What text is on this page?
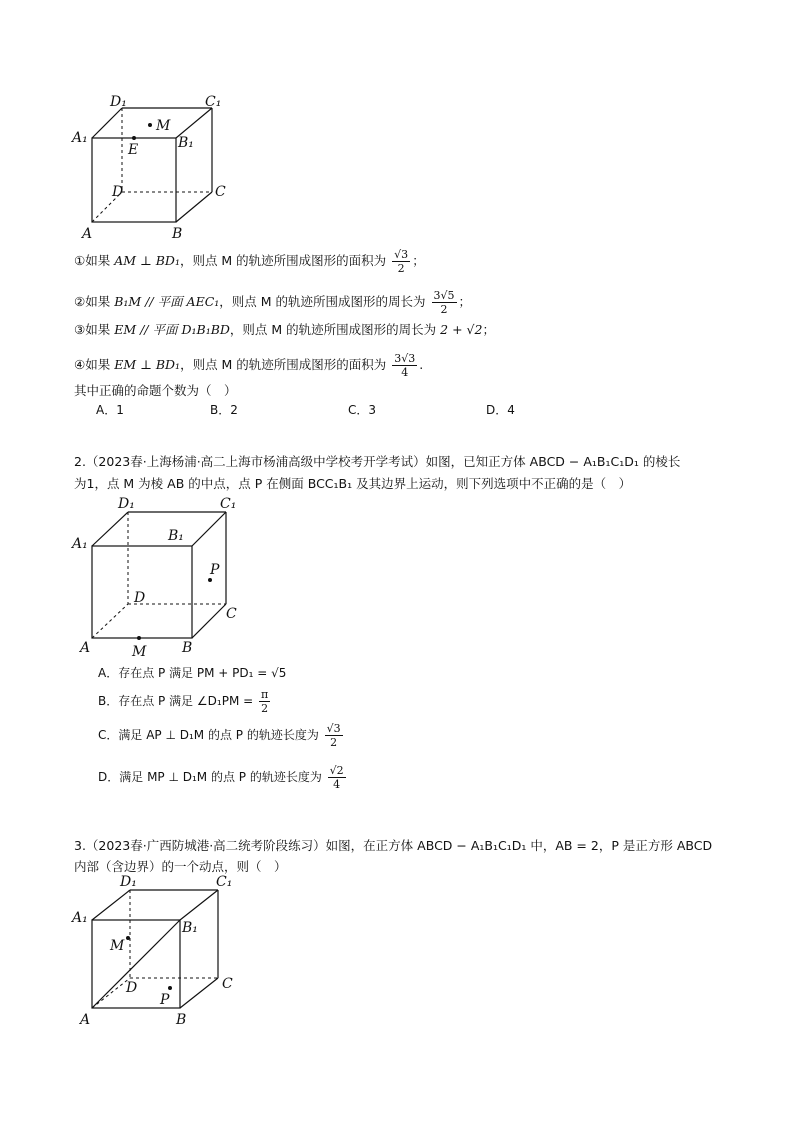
D₁	C₁
A₁	B₁
E
M
D	C
A	B
①如果 AM ⊥ BD₁，则点 M 的轨迹所围成图形的面积为 $\frac{√3}{2}$ ；
②如果 B₁M // 平面 AEC₁，则点 M 的轨迹所围成图形的周长为 $\frac{3√5}{2}$ ；
③如果 EM // 平面 D₁B₁BD，则点 M 的轨迹所围成图形的周长为 2 + √2；
④如果 EM ⊥ BD₁，则点 M 的轨迹所围成图形的面积为 $\frac{3√3}{4}$ .
其中正确的命题个数为（　）
A．1	B．2	C．3	D．4
2.（2023春·上海杨浦·高二上海市杨浦高级中学校考开学考试）如图，已知正方体 ABCD − A₁B₁C₁D₁ 的棱长
为1，点 M 为棱 AB 的中点，点 P 在侧面 BCC₁B₁ 及其边界上运动，则下列选项中不正确的是（　）
D₁	C₁
A₁	B₁
P
D
C
A	M	B
A．存在点 P 满足 PM + PD₁ = √5
B．存在点 P 满足 ∠D₁PM = $\frac{\pi}{2}$
C．满足 AP ⊥ D₁M 的点 P 的轨迹长度为 $\frac{√3}{2}$
D．满足 MP ⊥ D₁M 的点 P 的轨迹长度为 $\frac{√2}{4}$
3.（2023春·广西防城港·高二统考阶段练习）如图，在正方体 ABCD − A₁B₁C₁D₁ 中，AB = 2，P 是正方形 ABCD
内部（含边界）的一个动点，则（　）
D₁	C₁
A₁
B₁
M
D
P
C
A	B
